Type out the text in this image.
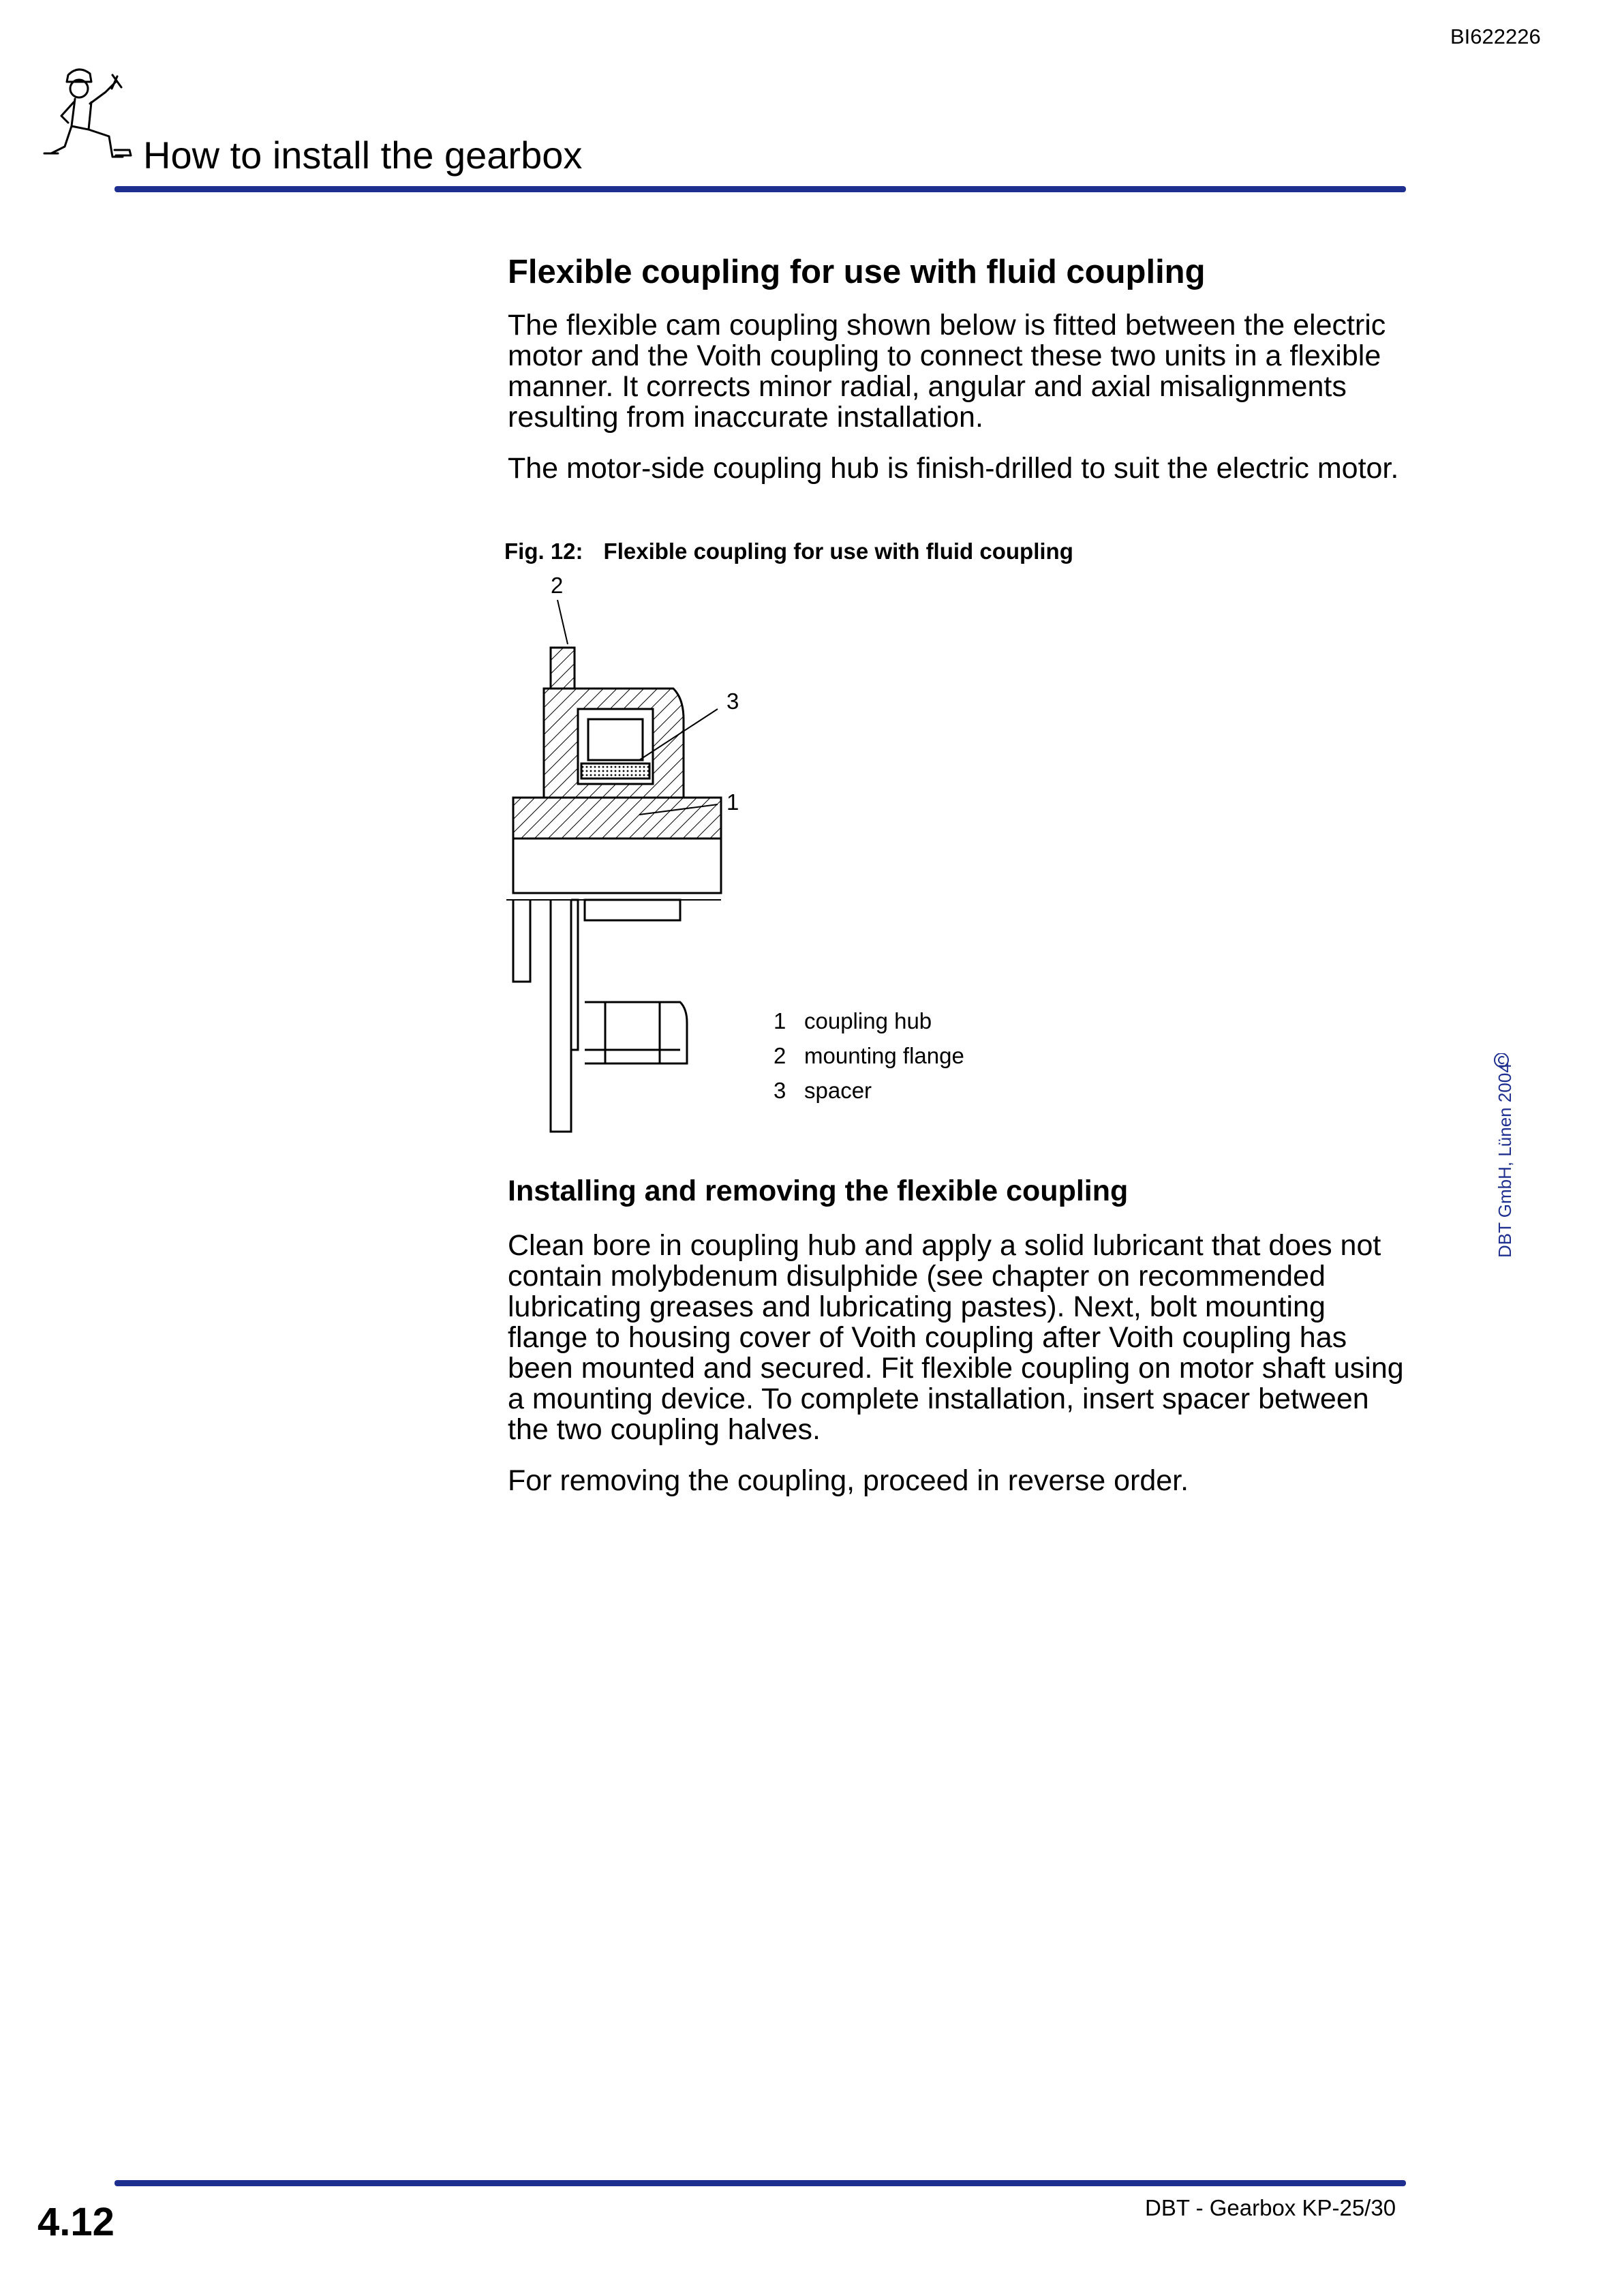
BI622226
How to install the gearbox
Flexible coupling for use with fluid coupling

The flexible cam coupling shown below is fitted between the electric motor and the Voith coupling to connect these two units in a flexible manner. It corrects minor radial, angular and axial misalignments resulting from inaccurate installation.

The motor-side coupling hub is finish-drilled to suit the electric motor.

Fig. 12: Flexible coupling for use with fluid coupling
2
3
1
1 coupling hub
2 mounting flange
3 spacer
Installing and removing the flexible coupling

Clean bore in coupling hub and apply a solid lubricant that does not contain molybdenum disulphide (see chapter on recommended lubricating greases and lubricating pastes). Next, bolt mounting flange to housing cover of Voith coupling after Voith coupling has been mounted and secured. Fit flexible coupling on motor shaft using a mounting device. To complete installation, insert spacer between the two coupling halves.

For removing the coupling, proceed in reverse order.

DBT GmbH, Lünen 2004
4.12	DBT - Gearbox KP-25/30
